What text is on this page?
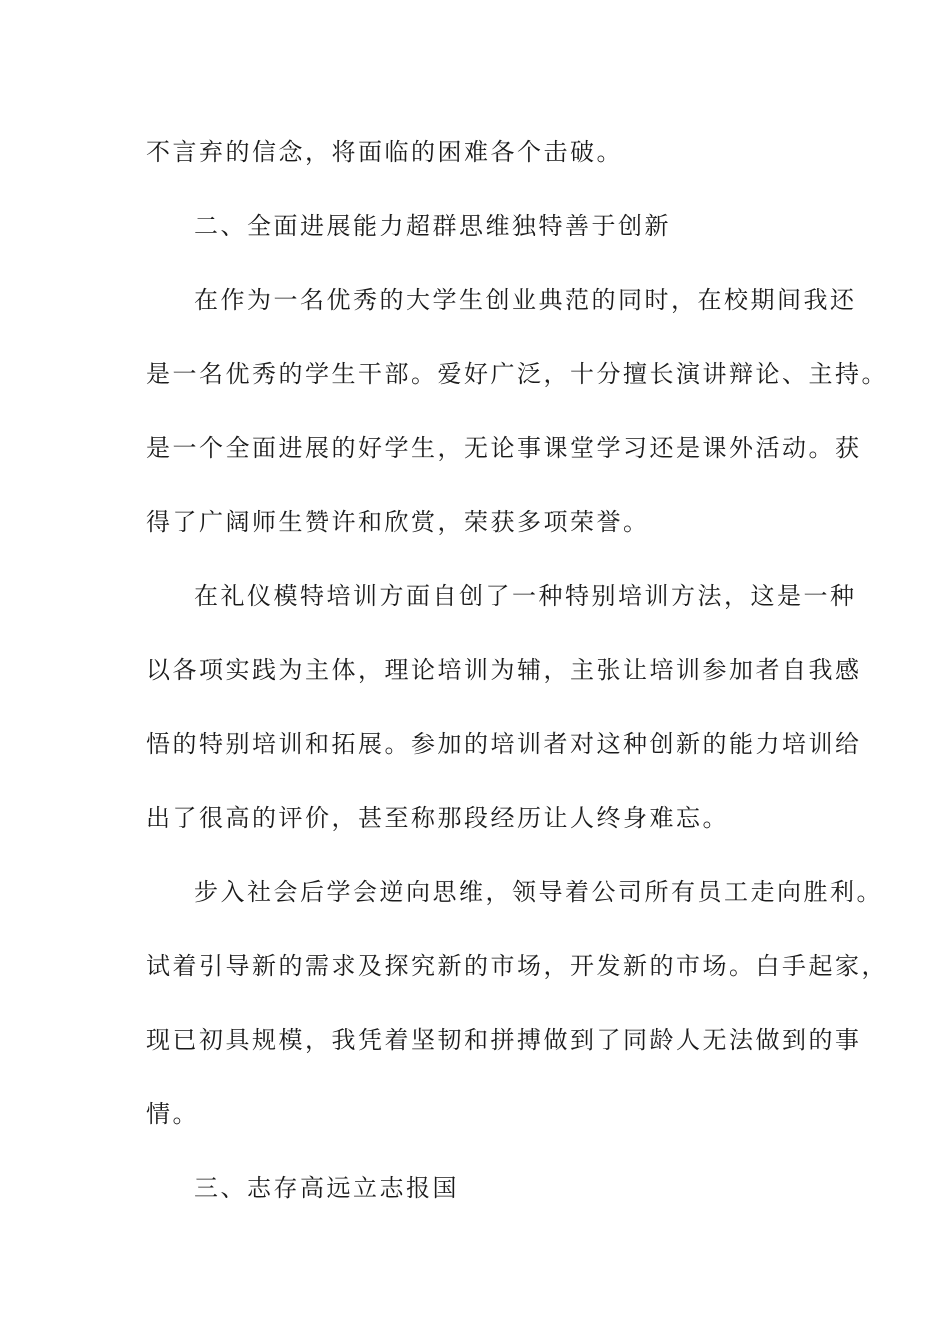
不言弃的信念，将面临的困难各个击破。
二、全面进展能力超群思维独特善于创新
在作为一名优秀的大学生创业典范的同时，在校期间我还
是一名优秀的学生干部。爱好广泛，十分擅长演讲辩论、主持。
是一个全面进展的好学生，无论事课堂学习还是课外活动。获
得了广阔师生赞许和欣赏，荣获多项荣誉。
在礼仪模特培训方面自创了一种特别培训方法，这是一种
以各项实践为主体，理论培训为辅，主张让培训参加者自我感
悟的特别培训和拓展。参加的培训者对这种创新的能力培训给
出了很高的评价，甚至称那段经历让人终身难忘。
步入社会后学会逆向思维，领导着公司所有员工走向胜利。
试着引导新的需求及探究新的市场，开发新的市场。白手起家，
现已初具规模，我凭着坚韧和拼搏做到了同龄人无法做到的事
情。
三、志存高远立志报国
